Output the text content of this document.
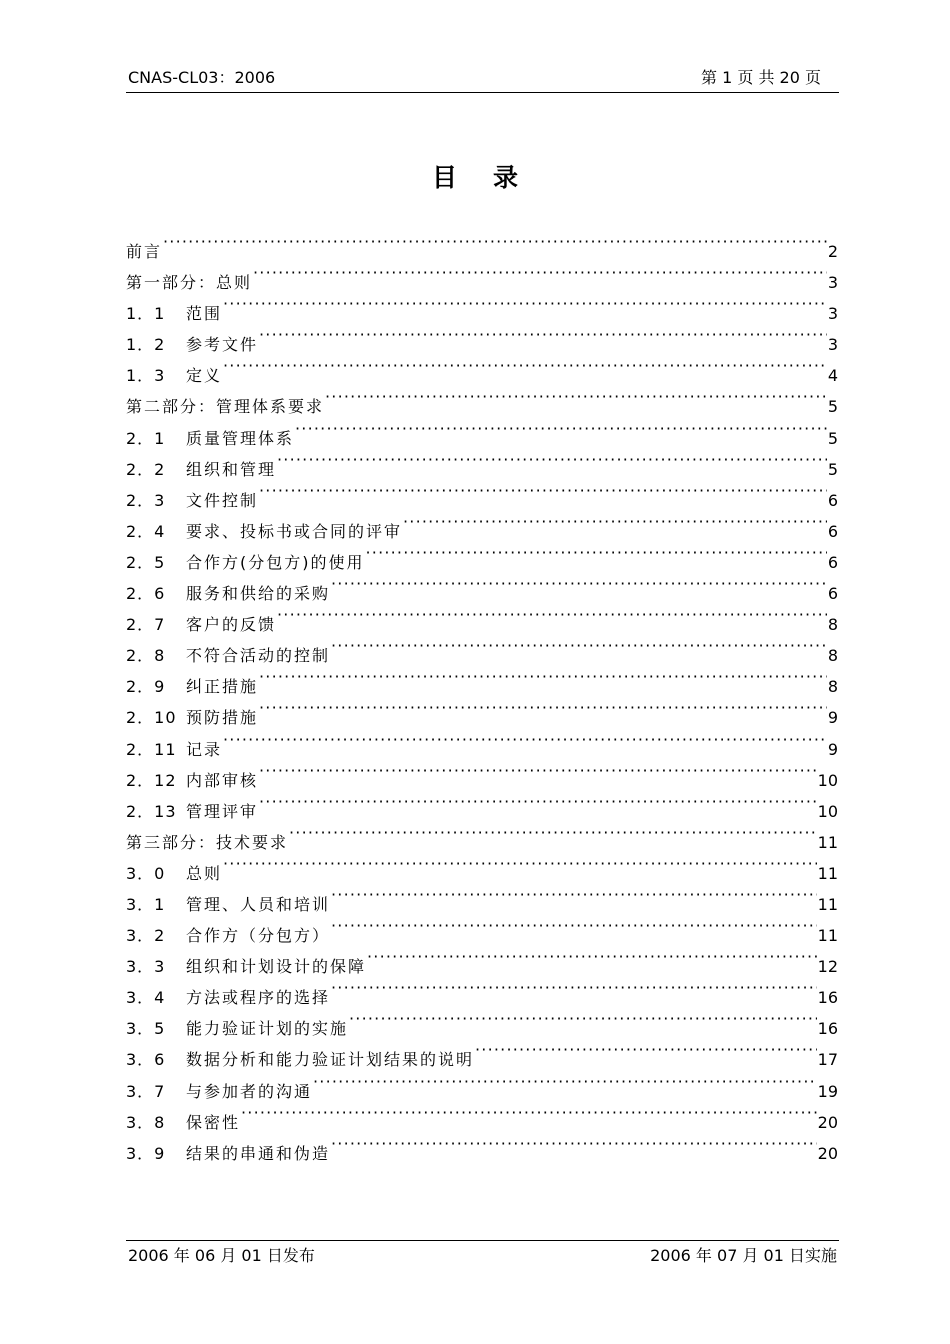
CNAS-CL03：2006	第 1 页 共 20 页
目录
前言 ·····	2
第一部分：总则 ·····	3
1．1	范围 ·····	3
1．2	参考文件 ·····	3
1．3	定义 ·····	4
第二部分：管理体系要求 ·····	5
2．1	质量管理体系 ·····	5
2．2	组织和管理 ·····	5
2．3	文件控制 ·····	6
2．4	要求、投标书或合同的评审 ·····	6
2．5	合作方(分包方)的使用 ·····	6
2．6	服务和供给的采购 ·····	6
2．7	客户的反馈 ·····	8
2．8	不符合活动的控制 ·····	8
2．9	纠正措施 ·····	8
2．10 预防措施 ·····	9
2．11 记录 ·····	9
2．12 内部审核 ·····	10
2．13 管理评审 ·····	10
第三部分：技术要求 ·····	11
3．0	总则 ·····	11
3．1	管理、人员和培训 ·····	11
3．2	合作方（分包方） ·····	11
3．3	组织和计划设计的保障 ·····	12
3．4	方法或程序的选择 ·····	16
3．5	能力验证计划的实施 ·····	16
3．6	数据分析和能力验证计划结果的说明 ·····	17
3．7	与参加者的沟通 ·····	19
3．8	保密性 ·····	20
3．9	结果的串通和伪造 ·····	20
2006 年 06 月 01 日发布	2006 年 07 月 01 日实施
